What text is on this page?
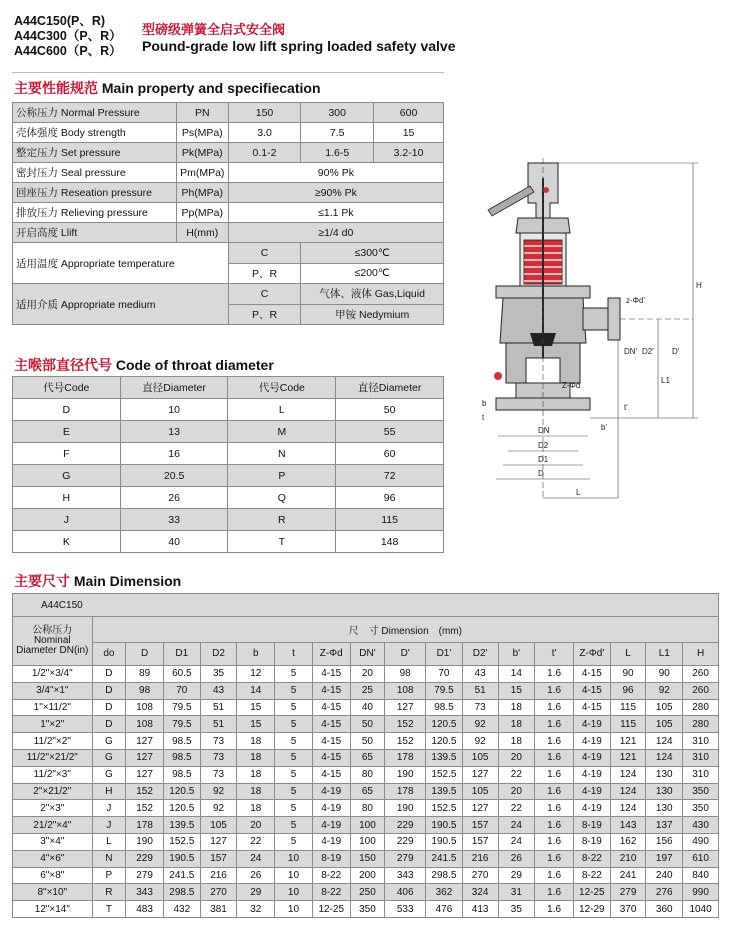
A44C150(P、R)
A44C300（P、R）
A44C600（P、R）
型磅级弹簧全启式安全阀
Pound-grade low lift spring loaded safety valve
主要性能规范 Main property and specifiecation
公称压力 Normal Pressure	PN	150	300	600
壳体强度 Body strength	Ps(MPa)	3.0	7.5	15
整定压力 Set pressure	Pk(MPa)	0.1-2	1.6-5	3.2-10
密封压力 Seal pressure	Pm(MPa)	90% Pk		
回座压力 Reseation pressure	Ph(MPa)	≥90% Pk		
排放压力 Relieving pressure	Pp(MPa)	≤1.1 Pk		
开启高度 Llift	H(mm)	≥1/4 d0		
适用温度 Appropriate temperature		C	≤300℃	
		P、R	≤200℃	
适用介质 Appropriate medium		C	气体、液体 Gas,Liquid	
		P、R	甲铵 Nedymium	
主喉部直径代号 Code of throat diameter
代号Code	直径Diameter	代号Code	直径Diameter
D	10	L	50
E	13	M	55
F	16	N	60
G	20.5	P	72
H	26	Q	96
J	33	R	115
K	40	T	148
主要尺寸 Main Dimension
A44C150																	
公称压力 Nominal Diameter DN(in)	尺　寸 Dimension　(mm)																
	do	D	D1	D2	b	t	Z-Φd	DN'	D'	D1'	D2'	b'	t'	Z-Φd'	L	L1	H
1/2"×3/4"	D	89	60.5	35	12	5	4-15	20	98	70	43	14	1.6	4-15	90	90	260
3/4"×1"	D	98	70	43	14	5	4-15	25	108	79.5	51	15	1.6	4-15	96	92	260
1"×11/2"	D	108	79.5	51	15	5	4-15	40	127	98.5	73	18	1.6	4-15	115	105	280
1"×2"	D	108	79.5	51	15	5	4-15	50	152	120.5	92	18	1.6	4-19	115	105	280
11/2"×2"	G	127	98.5	73	18	5	4-15	50	152	120.5	92	18	1.6	4-19	121	124	310
11/2"×21/2"	G	127	98.5	73	18	5	4-15	65	178	139.5	105	20	1.6	4-19	121	124	310
11/2"×3"	G	127	98.5	73	18	5	4-15	80	190	152.5	127	22	1.6	4-19	124	130	310
2"×21/2"	H	152	120.5	92	18	5	4-19	65	178	139.5	105	20	1.6	4-19	124	130	350
2"×3"	J	152	120.5	92	18	5	4-19	80	190	152.5	127	22	1.6	4-19	124	130	350
21/2"×4"	J	178	139.5	105	20	5	4-19	100	229	190.5	157	24	1.6	8-19	143	137	430
3"×4"	L	190	152.5	127	22	5	4-19	100	229	190.5	157	24	1.6	8-19	162	156	490
4"×6"	N	229	190.5	157	24	10	8-19	150	279	241.5	216	26	1.6	8-22	210	197	610
6"×8"	P	279	241.5	216	26	10	8-22	200	343	298.5	270	29	1.6	8-22	241	240	840
8"×10"	R	343	298.5	270	29	10	8-22	250	406	362	324	31	1.6	12-25	279	276	990
12"×14"	T	483	432	381	32	10	12-25	350	533	476	413	35	1.6	12-29	370	360	1040
H
z-Φd'
DN' D2' D'
L1
t'
b'
b
DN
D2
D1
D
L
t
Z-Φd
